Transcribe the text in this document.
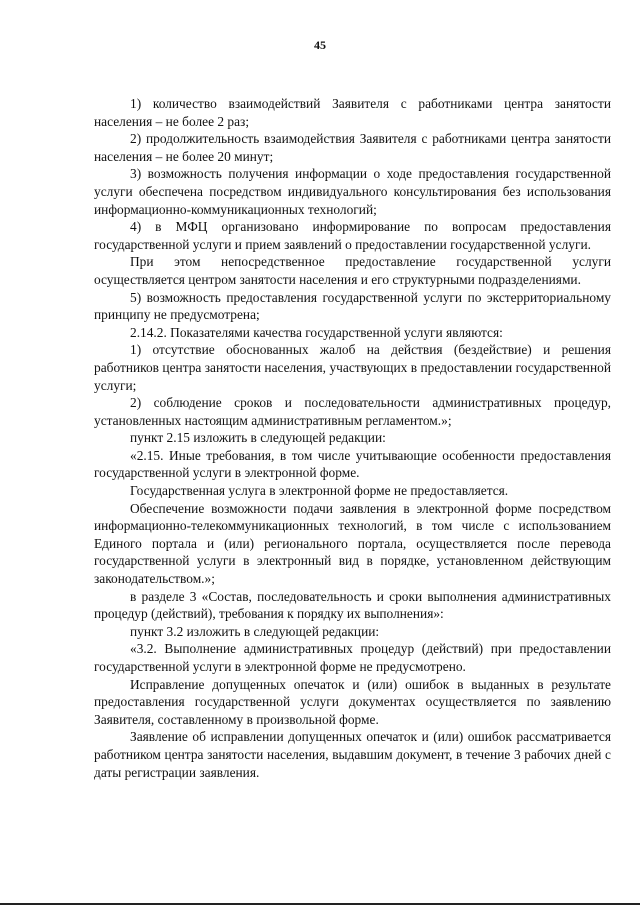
45

1) количество взаимодействий Заявителя с работниками центра занятости населения – не более 2 раз;

2) продолжительность взаимодействия Заявителя с работниками центра занятости населения – не более 20 минут;

3) возможность получения информации о ходе предоставления государственной услуги обеспечена посредством индивидуального консультирования без использования информационно-коммуникационных технологий;

4) в МФЦ организовано информирование по вопросам предоставления государственной услуги и прием заявлений о предоставлении государственной услуги.

При этом непосредственное предоставление государственной услуги осуществляется центром занятости населения и его структурными подразделениями.

5) возможность предоставления государственной услуги по экстерриториальному принципу не предусмотрена;

2.14.2. Показателями качества государственной услуги являются:

1) отсутствие обоснованных жалоб на действия (бездействие) и решения работников центра занятости населения, участвующих в предоставлении государственной услуги;

2) соблюдение сроков и последовательности административных процедур, установленных настоящим административным регламентом.»;

пункт 2.15 изложить в следующей редакции:

«2.15. Иные требования, в том числе учитывающие особенности предоставления государственной услуги в электронной форме.

Государственная услуга в электронной форме не предоставляется.

Обеспечение возможности подачи заявления в электронной форме посредством информационно-телекоммуникационных технологий, в том числе с использованием Единого портала и (или) регионального портала, осуществляется после перевода государственной услуги в электронный вид в порядке, установленном действующим законодательством.»;

в разделе 3 «Состав, последовательность и сроки выполнения административных процедур (действий), требования к порядку их выполнения»:

пункт 3.2 изложить в следующей редакции:

«3.2. Выполнение административных процедур (действий) при предоставлении государственной услуги в электронной форме не предусмотрено.

Исправление допущенных опечаток и (или) ошибок в выданных в результате предоставления государственной услуги документах осуществляется по заявлению Заявителя, составленному в произвольной форме.

Заявление об исправлении допущенных опечаток и (или) ошибок рассматривается работником центра занятости населения, выдавшим документ, в течение 3 рабочих дней с даты регистрации заявления.
